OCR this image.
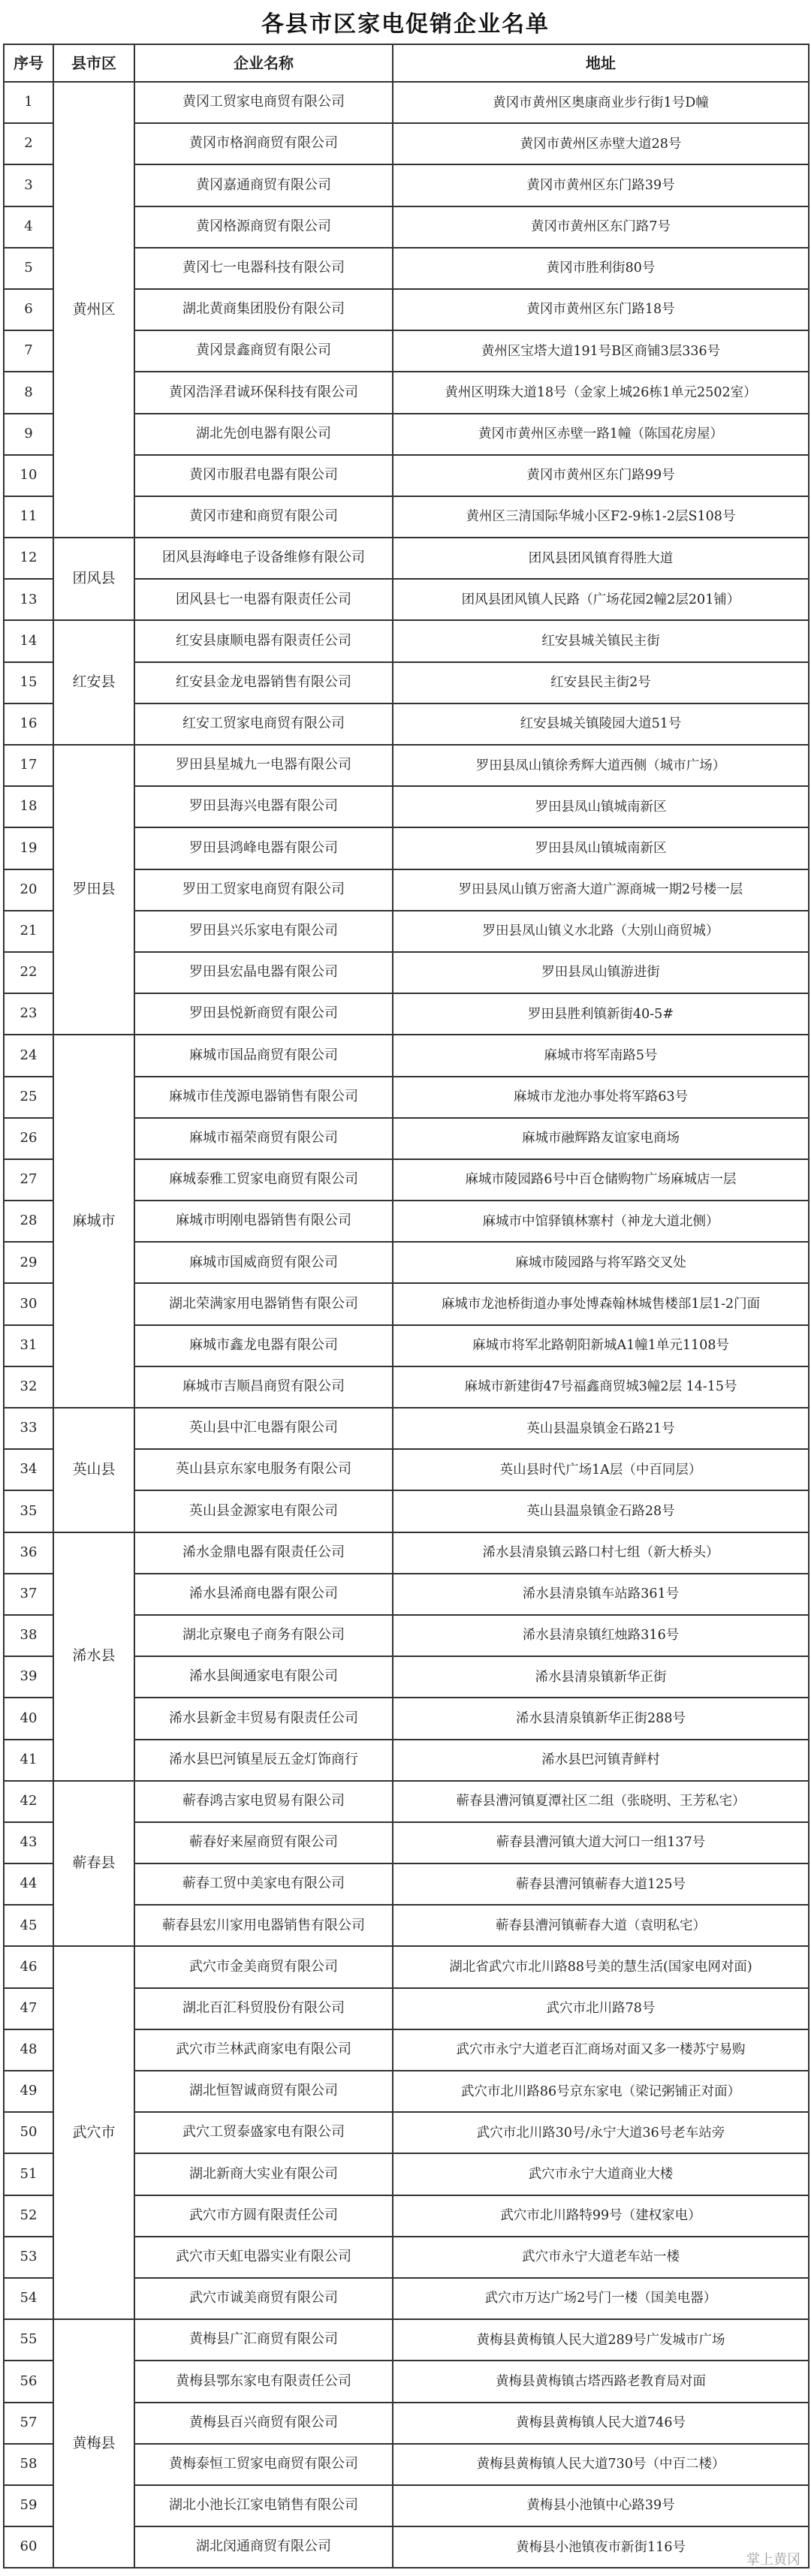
各县市区家电促销企业名单
序号	县市区	企业名称	地址
1	黄州区	黄冈工贸家电商贸有限公司	黄冈市黄州区奥康商业步行街1号D幢
2		黄冈市格润商贸有限公司	黄冈市黄州区赤壁大道28号
3		黄冈嘉通商贸有限公司	黄冈市黄州区东门路39号
4		黄冈格源商贸有限公司	黄冈市黄州区东门路7号
5		黄冈七一电器科技有限公司	黄冈市胜利街80号
6		湖北黄商集团股份有限公司	黄冈市黄州区东门路18号
7		黄冈景鑫商贸有限公司	黄州区宝塔大道191号B区商铺3层336号
8		黄冈浩泽君诚环保科技有限公司	黄州区明珠大道18号（金家上城26栋1单元2502室）
9		湖北先创电器有限公司	黄冈市黄州区赤壁一路1幢（陈国花房屋）
10		黄冈市服君电器有限公司	黄冈市黄州区东门路99号
11		黄冈市建和商贸有限公司	黄州区三清国际华城小区F2-9栋1-2层S108号
12	团风县	团风县海峰电子设备维修有限公司	团风县团风镇育得胜大道
13		团风县七一电器有限责任公司	团风县团风镇人民路（广场花园2幢2层201铺）
14	红安县	红安县康顺电器有限责任公司	红安县城关镇民主街
15		红安县金龙电器销售有限公司	红安县民主街2号
16		红安工贸家电商贸有限公司	红安县城关镇陵园大道51号
17	罗田县	罗田县星城九一电器有限公司	罗田县凤山镇徐秀辉大道西侧（城市广场）
18		罗田县海兴电器有限公司	罗田县凤山镇城南新区
19		罗田县鸿峰电器有限公司	罗田县凤山镇城南新区
20		罗田工贸家电商贸有限公司	罗田县凤山镇万密斋大道广源商城一期2号楼一层
21		罗田县兴乐家电有限公司	罗田县凤山镇义水北路（大别山商贸城）
22		罗田县宏晶电器有限公司	罗田县凤山镇游进街
23		罗田县悦新商贸有限公司	罗田县胜利镇新街40-5#
24	麻城市	麻城市国品商贸有限公司	麻城市将军南路5号
25		麻城市佳茂源电器销售有限公司	麻城市龙池办事处将军路63号
26		麻城市福荣商贸有限公司	麻城市融辉路友谊家电商场
27		麻城泰雅工贸家电商贸有限公司	麻城市陵园路6号中百仓储购物广场麻城店一层
28		麻城市明刚电器销售有限公司	麻城市中馆驿镇林寨村（神龙大道北侧）
29		麻城市国威商贸有限公司	麻城市陵园路与将军路交叉处
30		湖北荣满家用电器销售有限公司	麻城市龙池桥街道办事处博森翰林城售楼部1层1-2门面
31		麻城市鑫龙电器有限公司	麻城市将军北路朝阳新城A1幢1单元1108号
32		麻城市吉顺昌商贸有限公司	麻城市新建街47号福鑫商贸城3幢2层 14-15号
33	英山县	英山县中汇电器有限公司	英山县温泉镇金石路21号
34		英山县京东家电服务有限公司	英山县时代广场1A层（中百同层）
35		英山县金源家电有限公司	英山县温泉镇金石路28号
36	浠水县	浠水金鼎电器有限责任公司	浠水县清泉镇云路口村七组（新大桥头）
37		浠水县浠商电器有限公司	浠水县清泉镇车站路361号
38		湖北京聚电子商务有限公司	浠水县清泉镇红烛路316号
39		浠水县闽通家电有限公司	浠水县清泉镇新华正街
40		浠水县新金丰贸易有限责任公司	浠水县清泉镇新华正街288号
41		浠水县巴河镇星辰五金灯饰商行	浠水县巴河镇青鲜村
42	蕲春县	蕲春鸿吉家电贸易有限公司	蕲春县漕河镇夏潭社区二组（张晓明、王芳私宅）
43		蕲春好来屋商贸有限公司	蕲春县漕河镇大道大河口一组137号
44		蕲春工贸中美家电有限公司	蕲春县漕河镇蕲春大道125号
45		蕲春县宏川家用电器销售有限公司	蕲春县漕河镇蕲春大道（袁明私宅）
46	武穴市	武穴市金美商贸有限公司	湖北省武穴市北川路88号美的慧生活(国家电网对面)
47		湖北百汇科贸股份有限公司	武穴市北川路78号
48		武穴市兰林武商家电有限公司	武穴市永宁大道老百汇商场对面又多一楼苏宁易购
49		湖北恒智诚商贸有限公司	武穴市北川路86号京东家电（梁记粥铺正对面）
50		武穴工贸泰盛家电有限公司	武穴市北川路30号/永宁大道36号老车站旁
51		湖北新商大实业有限公司	武穴市永宁大道商业大楼
52		武穴市方圆有限责任公司	武穴市北川路特99号（建权家电）
53		武穴市天虹电器实业有限公司	武穴市永宁大道老车站一楼
54		武穴市诚美商贸有限公司	武穴市万达广场2号门一楼（国美电器）
55	黄梅县	黄梅县广汇商贸有限公司	黄梅县黄梅镇人民大道289号广发城市广场
56		黄梅县鄂东家电有限责任公司	黄梅县黄梅镇古塔西路老教育局对面
57		黄梅县百兴商贸有限公司	黄梅县黄梅镇人民大道746号
58		黄梅泰恒工贸家电商贸有限公司	黄梅县黄梅镇人民大道730号（中百二楼）
59		湖北小池长江家电销售有限公司	黄梅县小池镇中心路39号
60		湖北闵通商贸有限公司	黄梅县小池镇夜市新街116号
掌上黄冈
